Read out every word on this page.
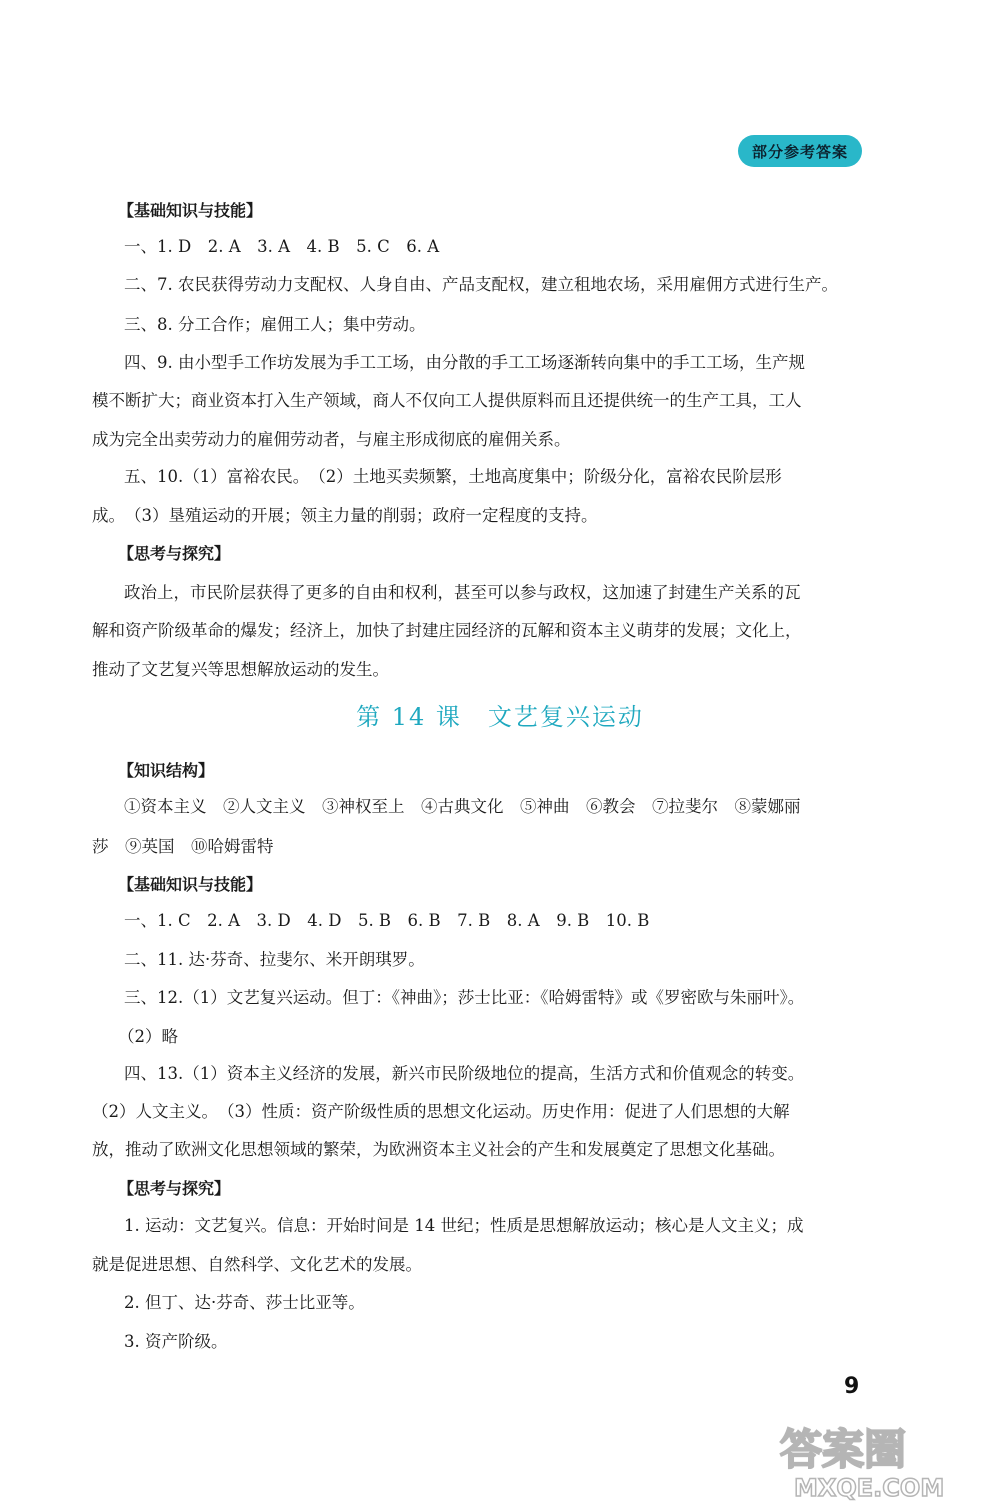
部分参考答案
【基础知识与技能】
一、1. D　2. A　3. A　4. B　5. C　6. A
二、7. 农民获得劳动力支配权、人身自由、产品支配权，建立租地农场，采用雇佣方式进行生产。
三、8. 分工合作；雇佣工人；集中劳动。
四、9. 由小型手工作坊发展为手工工场，由分散的手工工场逐渐转向集中的手工工场，生产规
模不断扩大；商业资本打入生产领域，商人不仅向工人提供原料而且还提供统一的生产工具，工人
成为完全出卖劳动力的雇佣劳动者，与雇主形成彻底的雇佣关系。
五、10.（1）富裕农民。　（2）土地买卖频繁，土地高度集中；阶级分化，富裕农民阶层形
成。　（3）垦殖运动的开展；领主力量的削弱；政府一定程度的支持。
【思考与探究】
政治上，市民阶层获得了更多的自由和权利，甚至可以参与政权，这加速了封建生产关系的瓦
解和资产阶级革命的爆发；经济上，加快了封建庄园经济的瓦解和资本主义萌芽的发展；文化上，
推动了文艺复兴等思想解放运动的发生。
第 14 课　文艺复兴运动
【知识结构】
①资本主义　②人文主义　③神权至上　④古典文化　⑤神曲　⑥教会　⑦拉斐尔　⑧蒙娜丽
莎　⑨英国　⑩哈姆雷特
【基础知识与技能】
一、1. C　2. A　3. D　4. D　5. B　6. B　7. B　8. A　9. B　10. B
二、11. 达·芬奇、拉斐尔、米开朗琪罗。
三、12.（1）文艺复兴运动。但丁：《神曲》；莎士比亚：《哈姆雷特》或《罗密欧与朱丽叶》。
（2）略
四、13.（1）资本主义经济的发展，新兴市民阶级地位的提高，生活方式和价值观念的转变。
（2）人文主义。　（3）性质：资产阶级性质的思想文化运动。历史作用：促进了人们思想的大解
放，推动了欧洲文化思想领域的繁荣，为欧洲资本主义社会的产生和发展奠定了思想文化基础。
【思考与探究】
1. 运动：文艺复兴。信息：开始时间是 14 世纪；性质是思想解放运动；核心是人文主义；成
就是促进思想、自然科学、文化艺术的发展。
2. 但丁、达·芬奇、莎士比亚等。
3. 资产阶级。
9
答案圈
MXQE.COM
